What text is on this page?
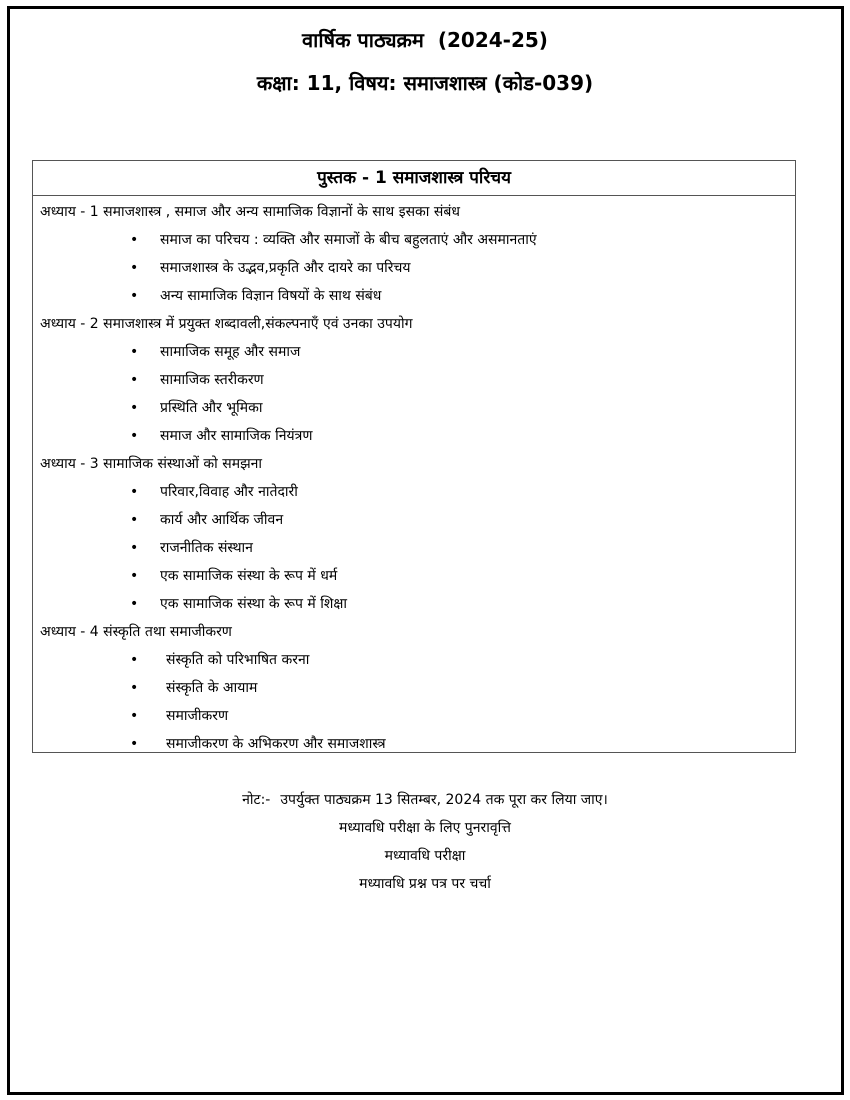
वार्षिक पाठ्यक्रम (2024-25)
कक्षा: 11, विषय: समाजशास्त्र (कोड-039)
पुस्तक - 1 समाजशास्त्र परिचय
अध्याय - 1 समाजशास्त्र , समाज और अन्य सामाजिक विज्ञानों के साथ इसका संबंध
• समाज का परिचय : व्यक्ति और समाजों के बीच बहुलताएं और असमानताएं
• समाजशास्त्र के उद्भव,प्रकृति और दायरे का परिचय
• अन्य सामाजिक विज्ञान विषयों के साथ संबंध
अध्याय - 2 समाजशास्त्र में प्रयुक्त शब्दावली,संकल्पनाएँ एवं उनका उपयोग
• सामाजिक समूह और समाज
• सामाजिक स्तरीकरण
• प्रस्थिति और भूमिका
• समाज और सामाजिक नियंत्रण
अध्याय - 3 सामाजिक संस्थाओं को समझना
• परिवार,विवाह और नातेदारी
• कार्य और आर्थिक जीवन
• राजनीतिक संस्थान
• एक सामाजिक संस्था के रूप में धर्म
• एक सामाजिक संस्था के रूप में शिक्षा
अध्याय - 4 संस्कृति तथा समाजीकरण
• संस्कृति को परिभाषित करना
• संस्कृति के आयाम
• समाजीकरण
• समाजीकरण के अभिकरण और समाजशास्त्र
नोट:- उपर्युक्त पाठ्यक्रम 13 सितम्बर, 2024 तक पूरा कर लिया जाए।
मध्यावधि परीक्षा के लिए पुनरावृत्ति
मध्यावधि परीक्षा
मध्यावधि प्रश्न पत्र पर चर्चा
